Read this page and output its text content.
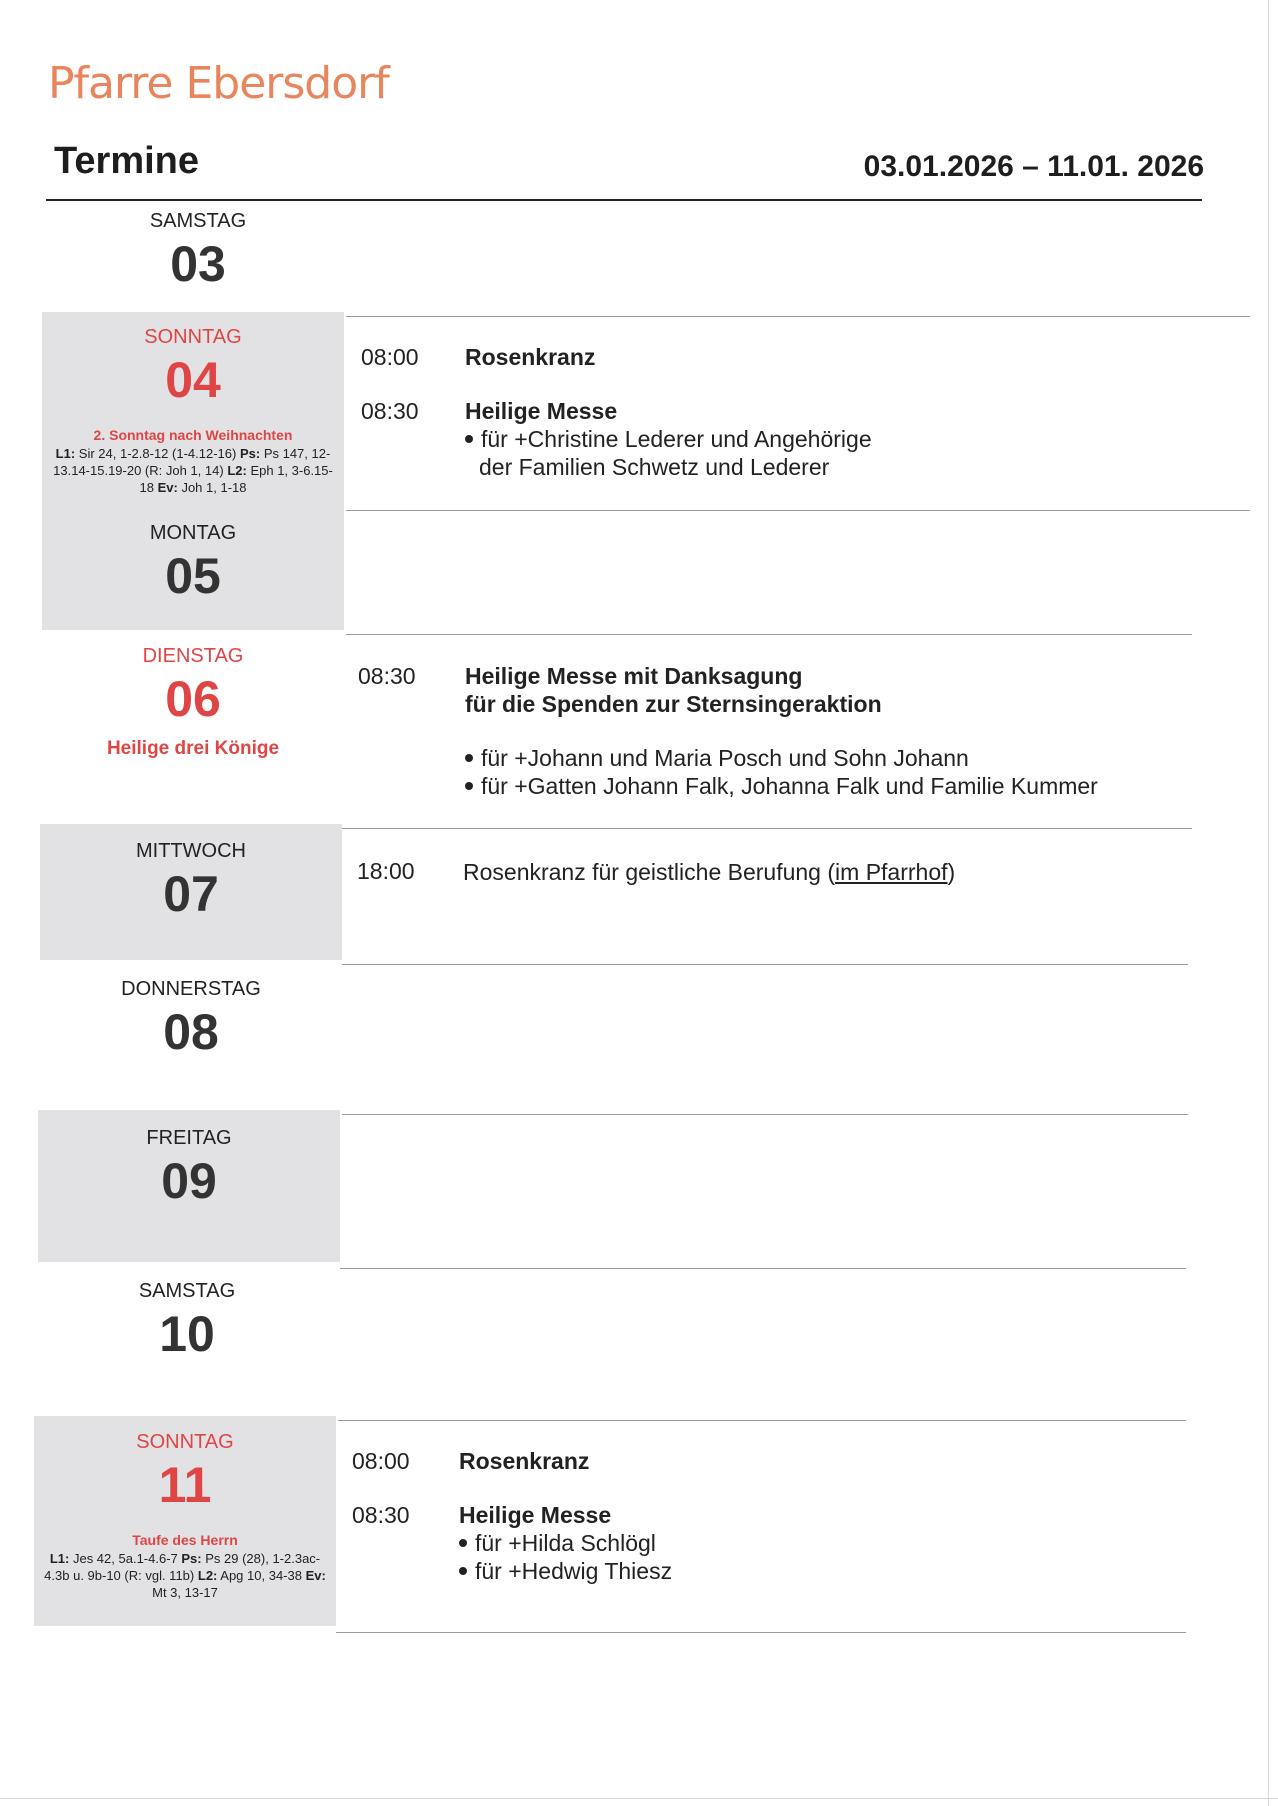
Pfarre Ebersdorf
Termine	03.01.2026 – 11.01. 2026
SAMSTAG
03
SONNTAG
04
2. Sonntag nach Weihnachten
L1: Sir 24, 1-2.8-12 (1-4.12-16) Ps: Ps 147, 12-13.14-15.19-20 (R: Joh 1, 14) L2: Eph 1, 3-6.15-18 Ev: Joh 1, 1-18
08:00 Rosenkranz
08:30 Heilige Messe
für +Christine Lederer und Angehörige
der Familien Schwetz und Lederer
MONTAG
05
DIENSTAG
06
Heilige drei Könige
08:30 Heilige Messe mit Danksagung
für die Spenden zur Sternsingeraktion
für +Johann und Maria Posch und Sohn Johann
für +Gatten Johann Falk, Johanna Falk und Familie Kummer
MITTWOCH
07	18:00 Rosenkranz für geistliche Berufung (im Pfarrhof)
DONNERSTAG
08
FREITAG
09
SAMSTAG
10
SONNTAG
11
Taufe des Herrn
L1: Jes 42, 5a.1-4.6-7 Ps: Ps 29 (28), 1-2.3ac-4.3b u. 9b-10 (R: vgl. 11b) L2: Apg 10, 34-38 Ev: Mt 3, 13-17
08:00 Rosenkranz
08:30 Heilige Messe
für +Hilda Schlögl
für +Hedwig Thiesz
